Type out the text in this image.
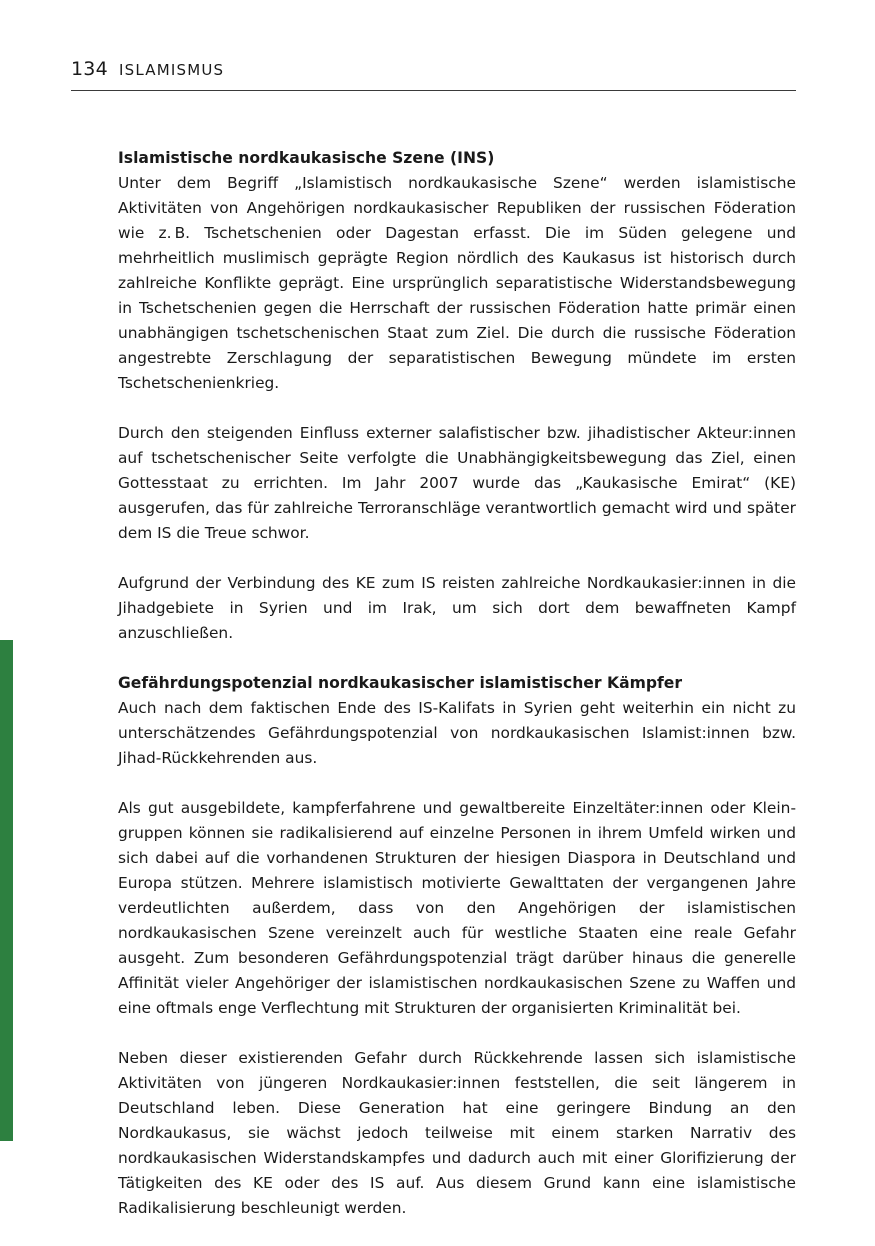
134 ISLAMISMUS
Islamistische nordkaukasische Szene (INS)

Unter dem Begriff „Islamistisch nordkaukasische Szene“ werden islamistische Aktivitäten von Angehörigen nordkaukasischer Republiken der russischen Föderation wie z. B. Tschetschenien oder Dagestan erfasst. Die im Süden gelegene und mehrheitlich muslimisch geprägte Region nördlich des Kaukasus ist historisch durch zahlreiche Konflikte geprägt. Eine ursprünglich separatistische Widerstandsbewegung in Tschetschenien gegen die Herrschaft der russischen Föderation hatte primär einen unabhängigen tschetschenischen Staat zum Ziel. Die durch die russische Föderation angestrebte Zerschlagung der separatistischen Bewegung mündete im ersten Tschetschenienkrieg.

Durch den steigenden Einfluss externer salafistischer bzw. jihadistischer Akteur:innen auf tschetschenischer Seite verfolgte die Unabhängigkeitsbewegung das Ziel, einen Gottesstaat zu errichten. Im Jahr 2007 wurde das „Kaukasische Emirat“ (KE) ausgerufen, das für zahlreiche Terroranschläge verantwortlich gemacht wird und später dem IS die Treue schwor.

Aufgrund der Verbindung des KE zum IS reisten zahlreiche Nordkaukasier:innen in die Jihadgebiete in Syrien und im Irak, um sich dort dem bewaffneten Kampf anzuschließen.

Gefährdungspotenzial nordkaukasischer islamistischer Kämpfer

Auch nach dem faktischen Ende des IS-Kalifats in Syrien geht weiterhin ein nicht zu unterschätzendes Gefährdungspotenzial von nordkaukasischen Islamist:innen bzw. Jihad-Rückkehrenden aus.

Als gut ausgebildete, kampferfahrene und gewaltbereite Einzeltäter:innen oder Kleingruppen können sie radikalisierend auf einzelne Personen in ihrem Umfeld wirken und sich dabei auf die vorhandenen Strukturen der hiesigen Diaspora in Deutschland und Europa stützen. Mehrere islamistisch motivierte Gewalttaten der vergangenen Jahre verdeutlichten außerdem, dass von den Angehörigen der islamistischen nordkaukasischen Szene vereinzelt auch für westliche Staaten eine reale Gefahr ausgeht. Zum besonderen Gefährdungspotenzial trägt darüber hinaus die generelle Affinität vieler Angehöriger der islamistischen nordkaukasischen Szene zu Waffen und eine oftmals enge Verflechtung mit Strukturen der organisierten Kriminalität bei.

Neben dieser existierenden Gefahr durch Rückkehrende lassen sich islamistische Aktivitäten von jüngeren Nordkaukasier:innen feststellen, die seit längerem in Deutschland leben. Diese Generation hat eine geringere Bindung an den Nordkaukasus, sie wächst jedoch teilweise mit einem starken Narrativ des nordkaukasischen Widerstandskampfes und dadurch auch mit einer Glorifizierung der Tätigkeiten des KE oder des IS auf. Aus diesem Grund kann eine islamistische Radikalisierung beschleunigt werden.
